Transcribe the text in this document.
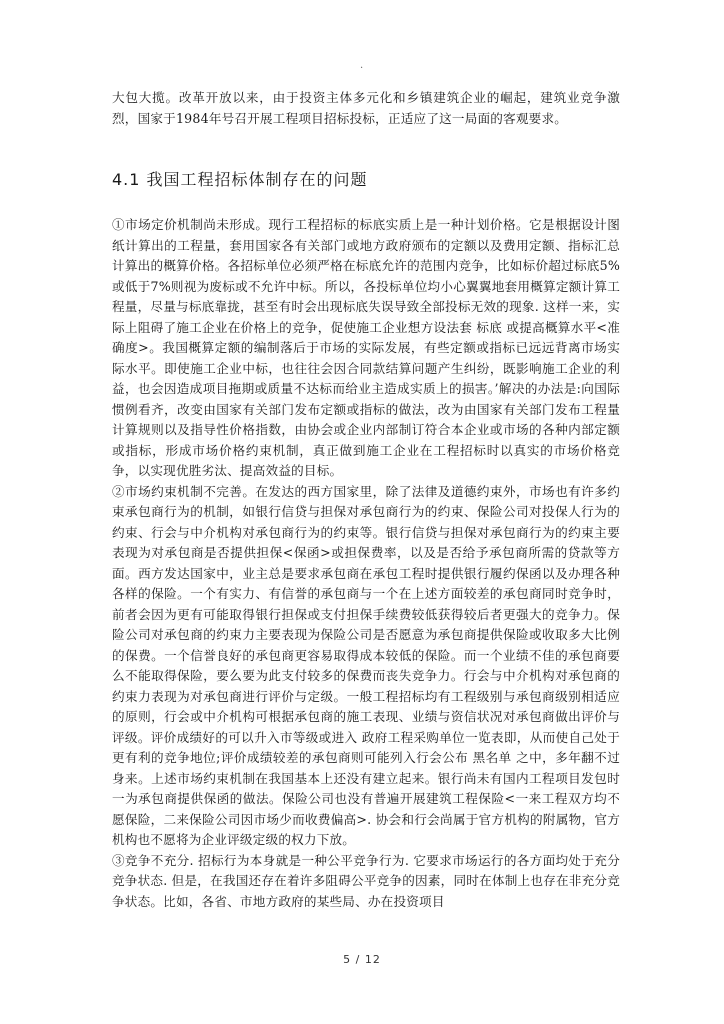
.

大包大揽。改革开放以来，由于投资主体多元化和乡镇建筑企业的崛起，建筑业竞争激烈，国家于1984年号召开展工程项目招标投标，正适应了这一局面的客观要求。

4.1 我国工程招标体制存在的问题

①市场定价机制尚未形成。现行工程招标的标底实质上是一种计划价格。它是根据设计图纸计算出的工程量，套用国家各有关部门或地方政府颁布的定额以及费用定额、指标汇总计算出的概算价格。各招标单位必须严格在标底允许的范围内竞争，比如标价超过标底5%或低于7%则视为废标或不允许中标。所以，各投标单位均小心翼翼地套用概算定额计算工程量，尽量与标底靠拢，甚至有时会出现标底失误导致全部投标无效的现象. 这样一来，实际上阻碍了施工企业在价格上的竞争，促使施工企业想方设法套 标底 或提高概算水平<准确度>。我国概算定额的编制落后于市场的实际发展，有些定额或指标已远远背离市场实际水平。即使施工企业中标，也往往会因合同款结算问题产生纠纷，既影响施工企业的利益，也会因造成项目拖期或质量不达标而给业主造成实质上的损害。’解决的办法是:向国际惯例看齐，改变由国家有关部门发布定额或指标的做法，改为由国家有关部门发布工程量计算规则以及指导性价格指数，由协会或企业内部制订符合本企业或市场的各种内部定额或指标，形成市场价格约束机制，真正做到施工企业在工程招标时以真实的市场价格竞争，以实现优胜劣汰、提高效益的目标。

②市场约束机制不完善。在发达的西方国家里，除了法律及道德约束外，市场也有许多约束承包商行为的机制，如银行信贷与担保对承包商行为的约束、保险公司对投保人行为的约束、行会与中介机构对承包商行为的约束等。银行信贷与担保对承包商行为的约束主要表现为对承包商是否提供担保<保函>或担保费率，以及是否给予承包商所需的贷款等方面。西方发达国家中，业主总是要求承包商在承包工程时提供银行履约保函以及办理各种各样的保险。一个有实力、有信誉的承包商与一个在上述方面较差的承包商同时竞争时，前者会因为更有可能取得银行担保或支付担保手续费较低获得较后者更强大的竞争力。保险公司对承包商的约束力主要表现为保险公司是否愿意为承包商提供保险或收取多大比例的保费。一个信誉良好的承包商更容易取得成本较低的保险。而一个业绩不佳的承包商要么不能取得保险，要么要为此支付较多的保费而丧失竞争力。行会与中介机构对承包商的约束力表现为对承包商进行评价与定级。一般工程招标均有工程级别与承包商级别相适应的原则，行会或中介机构可根据承包商的施工表现、业绩与资信状况对承包商做出评价与评级。评价成绩好的可以升入市等级或进入 政府工程采购单位一览表即，从而使自己处于更有利的竞争地位;评价成绩较差的承包商则可能列入行会公布 黑名单 之中，多年翻不过身来。上述市场约束机制在我国基本上还没有建立起来。银行尚未有国内工程项目发包时一为承包商提供保函的做法。保险公司也没有普遍开展建筑工程保险<一来工程双方均不愿保险，二来保险公司因市场少而收费偏高>. 协会和行会尚属于官方机构的附属物，官方机构也不愿将为企业评级定级的权力下放。

③竞争不充分. 招标行为本身就是一种公平竞争行为. 它要求市场运行的各方面均处于充分竞争状态. 但是，在我国还存在着许多阻碍公平竞争的因素，同时在体制上也存在非充分竞争状态。比如，各省、市地方政府的某些局、办在投资项目

5 / 12
